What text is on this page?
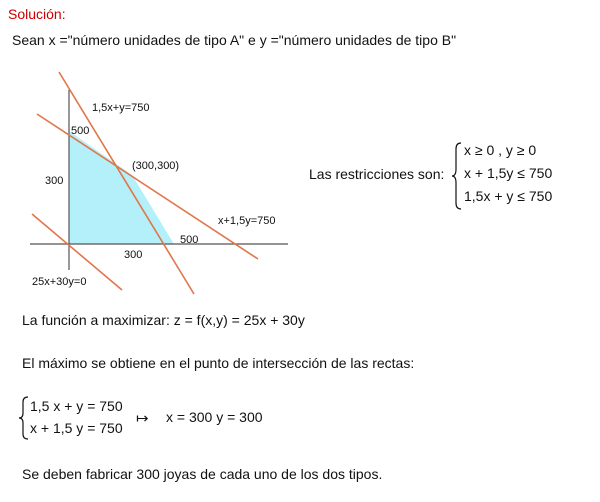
Solución:
Sean x ="número unidades de tipo A" e y ="número unidades de tipo B"
1,5x+y=750
x+1,5y=750
25x+30y=0
(300,300)
500
300
300
500
Las restricciones son:
x ≥ 0 , y ≥ 0
x + 1,5y ≤ 750
1,5x + y ≤ 750
La función a maximizar: z = f(x,y) = 25x + 30y
El máximo se obtiene en el punto de intersección de las rectas:
1,5 x + y = 750
x + 1,5 y = 750
↦ x = 300 y = 300
Se deben fabricar 300 joyas de cada uno de los dos tipos.
